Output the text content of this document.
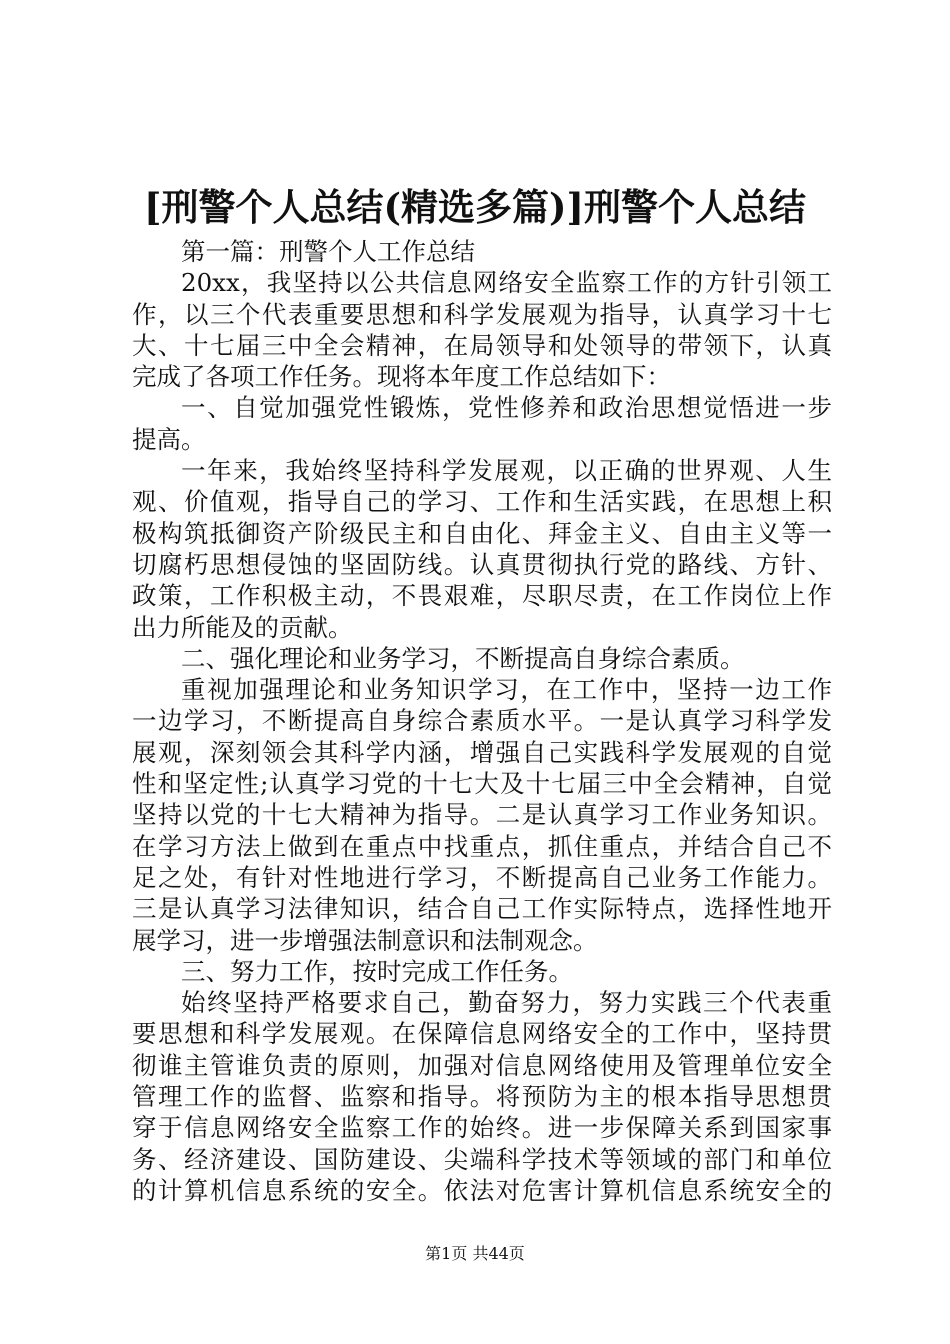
[刑警个人总结(精选多篇)]刑警个人总结
第一篇：刑警个人工作总结
20xx，我坚持以公共信息网络安全监察工作的方针引领工
作，以三个代表重要思想和科学发展观为指导，认真学习十七
大、十七届三中全会精神，在局领导和处领导的带领下，认真
完成了各项工作任务。现将本年度工作总结如下：
一、自觉加强党性锻炼，党性修养和政治思想觉悟进一步
提高。
一年来，我始终坚持科学发展观，以正确的世界观、人生
观、价值观，指导自己的学习、工作和生活实践，在思想上积
极构筑抵御资产阶级民主和自由化、拜金主义、自由主义等一
切腐朽思想侵蚀的坚固防线。认真贯彻执行党的路线、方针、
政策，工作积极主动，不畏艰难，尽职尽责，在工作岗位上作
出力所能及的贡献。
二、强化理论和业务学习，不断提高自身综合素质。
重视加强理论和业务知识学习，在工作中，坚持一边工作
一边学习，不断提高自身综合素质水平。一是认真学习科学发
展观，深刻领会其科学内涵，增强自己实践科学发展观的自觉
性和坚定性;认真学习党的十七大及十七届三中全会精神，自觉
坚持以党的十七大精神为指导。二是认真学习工作业务知识。
在学习方法上做到在重点中找重点，抓住重点，并结合自己不
足之处，有针对性地进行学习，不断提高自己业务工作能力。
三是认真学习法律知识，结合自己工作实际特点，选择性地开
展学习，进一步增强法制意识和法制观念。
三、努力工作，按时完成工作任务。
始终坚持严格要求自己，勤奋努力，努力实践三个代表重
要思想和科学发展观。在保障信息网络安全的工作中，坚持贯
彻谁主管谁负责的原则，加强对信息网络使用及管理单位安全
管理工作的监督、监察和指导。将预防为主的根本指导思想贯
穿于信息网络安全监察工作的始终。进一步保障关系到国家事
务、经济建设、国防建设、尖端科学技术等领域的部门和单位
的计算机信息系统的安全。依法对危害计算机信息系统安全的
第1页 共44页
